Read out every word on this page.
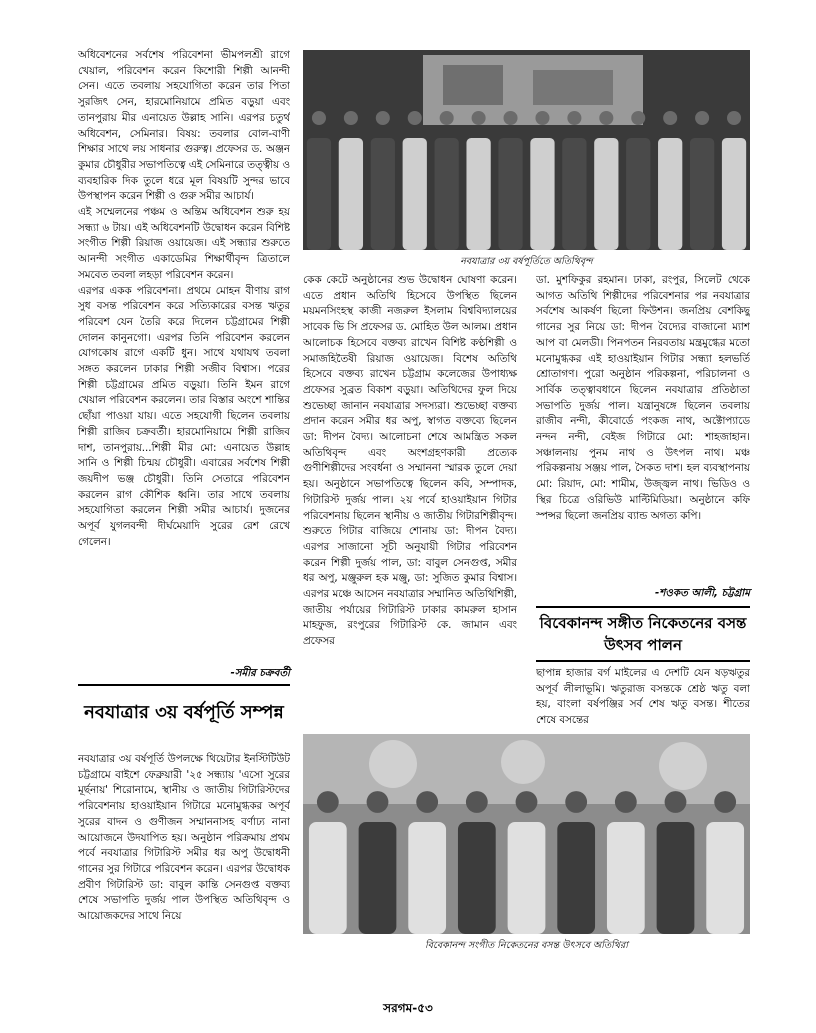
অধিবেশনের সর্বশেষ পরিবেশনা ভীমপলশ্রী রাগে খেয়াল, পরিবেশন করেন কিশোরী শিল্পী আনন্দী সেন। এতে তবলায় সহযোগিতা করেন তার পিতা সুরজিৎ সেন, হারমোনিয়ামে প্রমিত বড়ুয়া এবং তানপুরায় মীর এনায়েত উল্লাহ সানি। এরপর চতুর্থ অধিবেশন, সেমিনার। বিষয়: তবলার বোল-বাণী শিক্ষার সাথে লয় সাধনার গুরুত্ব। প্রফেসর ড. অঞ্জন কুমার চৌধুরীর সভাপতিত্বে এই সেমিনারে তত্ত্বীয় ও ব্যবহারিক দিক তুলে ধরে মূল বিষয়টি সুন্দর ভাবে উপস্থাপন করেন শিল্পী ও গুরু সমীর আচার্য।

এই সম্মেলনের পঞ্চম ও অন্তিম অধিবেশন শুরু হয় সন্ধ্যা ৬ টায়। এই অধিবেশনটি উদ্বোধন করেন বিশিষ্ট সংগীত শিল্পী রিয়াজ ওয়ায়েজ। এই সন্ধ্যার শুরুতে আনন্দী সংগীত একাডেমির শিক্ষার্থীবৃন্দ ত্রিতালে সমবেত তবলা লহড়া পরিবেশন করেন।

এরপর একক পরিবেশনা। প্রথমে মোহন বীণায় রাগ সুধ বসন্ত পরিবেশন করে সত্যিকারের বসন্ত ঋতুর পরিবেশ যেন তৈরি করে দিলেন চট্টগ্রামের শিল্পী দোলন কানুনগো। এরপর তিনি পরিবেশন করলেন যোগকোষ রাগে একটি ধুন। সাথে যথাযথ তবলা সঙ্গত করলেন ঢাকার শিল্পী সজীব বিশ্বাস। পরের শিল্পী চট্টগ্রামের প্রমিত বড়ুয়া। তিনি ইমন রাগে খেয়াল পরিবেশন করলেন। তার বিস্তার অংশে শান্তির ছোঁয়া পাওয়া যায়। এতে সহযোগী ছিলেন তবলায় শিল্পী রাজিব চক্রবর্তী। হারমোনিয়ামে শিল্পী রাজিব দাশ, তানপুরায়...শিল্পী মীর মো: এনায়েত উল্লাহ সানি ও শিল্পী চিন্ময় চৌধুরী। এবারের সর্বশেষ শিল্পী জয়দীপ ভঞ্জ চৌধুরী। তিনি সেতারে পরিবেশন করলেন রাগ কৌশিক ধ্বনি। তার সাথে তবলায় সহযোগিতা করলেন শিল্পী সমীর আচার্য। দুজনের অপূর্ব যুগলবন্দী দীর্ঘমেয়াদি সুরের রেশ রেখে গেলেন।

-সমীর চক্রবর্তী
নবযাত্রার ৩য় বর্ষপূর্তি সম্পন্ন
নবযাত্রার ৩য় বর্ষপূর্তি উপলক্ষে থিয়েটার ইনস্টিটিউট চট্টগ্রামে বাইশে ফেব্রুয়ারী '২৫ সন্ধ্যায় 'এসো সুরের মূর্ছনায়' শিরোনামে, স্থানীয় ও জাতীয় গিটারিস্টদের পরিবেশনায় হাওয়াইয়ান গিটারে মনোমুগ্ধকর অপূর্ব সুরের বাদন ও গুণীজন সম্মাননাসহ বর্ণাঢ্য নানা আয়োজনে উদযাপিত হয়। অনুষ্ঠান পরিক্রমায় প্রথম পর্বে নবযাত্রার গিটারিস্ট সমীর ধর অপু উদ্বোধনী গানের সুর গিটারে পরিবেশন করেন। এরপর উদ্বোধক প্রবীণ গিটারিস্ট ডা: বাবুল কান্তি সেনগুপ্ত বক্তব্য শেষে সভাপতি দুর্জয় পাল উপস্থিত অতিথিবৃন্দ ও আয়োজকদের সাথে নিয়ে
নবযাত্রার ৩য় বর্ষপূর্তিতে অতিথিবৃন্দ
কেক কেটে অনুষ্ঠানের শুভ উদ্বোধন ঘোষণা করেন। এতে প্রধান অতিথি হিসেবে উপস্থিত ছিলেন ময়মনসিংহস্থ কাজী নজরুল ইসলাম বিশ্ববিদ্যালয়ের সাবেক ভি সি প্রফেসর ড. মোহিত উল আলম। প্রধান আলোচক হিসেবে বক্তব্য রাখেন বিশিষ্ট কণ্ঠশিল্পী ও সমাজহিতৈষী রিয়াজ ওয়ায়েজ। বিশেষ অতিথি হিসেবে বক্তব্য রাখেন চট্টগ্রাম কলেজের উপাধ্যক্ষ প্রফেসর সুব্রত বিকাশ বড়ুয়া। অতিথিদের ফুল দিয়ে শুভেচ্ছা জানান নবযাত্রার সদস্যরা। শুভেচ্ছা বক্তব্য প্রদান করেন সমীর ধর অপু, স্বাগত বক্তব্যে ছিলেন ডা: দীপন বৈদ্য। আলোচনা শেষে আমন্ত্রিত সকল অতিথিবৃন্দ এবং অংশগ্রহণকারী প্রত্যেক গুণীশিল্পীদের সংবর্ধনা ও সম্মাননা স্মারক তুলে দেয়া হয়। অনুষ্ঠানে সভাপতিত্বে ছিলেন কবি, সম্পাদক, গিটারিস্ট দুর্জয় পাল। ২য় পর্বে হাওয়াইয়ান গিটার পরিবেশনায় ছিলেন স্থানীয় ও জাতীয় গিটারশিল্পীবৃন্দ। শুরুতে গিটার বাজিয়ে শোনায় ডা: দীপন বৈদ্য। এরপর সাজানো সূচী অনুযায়ী গিটার পরিবেশন করেন শিল্পী দুর্জয় পাল, ডা: বাবুল সেনগুপ্ত, সমীর ধর অপু, মঞ্জুরুল হক মঞ্জু, ডা: সুজিত কুমার বিশ্বাস। এরপর মঞ্চে আসেন নবযাত্রার সম্মানিত অতিথিশিল্পী, জাতীয় পর্যায়ের গিটারিস্ট ঢাকার কামরুল হাসান মাহফুজ, রংপুরের গিটারিস্ট কে. জামান এবং প্রফেসর
ডা. মুশফিকুর রহমান। ঢাকা, রংপুর, সিলেট থেকে আগত অতিথি শিল্পীদের পরিবেশনার পর নবযাত্রার সর্বশেষ আকর্ষণ ছিলো ফিউশন। জনপ্রিয় বেশকিছু গানের সুর নিয়ে ডা: দীপন বৈদ্যের বাজানো ম্যাশ আপ বা মেলডী। পিনপতন নিরবতায় মন্ত্রমুগ্ধের মতো মনোমুগ্ধকর এই হাওয়াইয়ান গিটার সন্ধ্যা হলভর্তি শ্রোতাগণ। পুরো অনুষ্ঠান পরিকল্পনা, পরিচালনা ও সার্বিক তত্ত্বাবধানে ছিলেন নবযাত্রার প্রতিষ্ঠাতা সভাপতি দুর্জয় পাল। যন্ত্রানুষঙ্গে ছিলেন তবলায় রাজীব নন্দী, কীবোর্ডে পংকজ নাথ, অক্টোপ্যাডে নন্দন নন্দী, বেইজ গিটারে মো: শাহজাহান। সঞ্চালনায় পুনম নাথ ও উৎপল নাথ। মঞ্চ পরিকল্পনায় সঞ্জয় পাল, সৈকত দাশ। হল ব্যবস্থাপনায় মো: রিয়াদ, মো: শামীম, উজ্জ্বল নাথ। ভিডিও ও স্থির চিত্রে ওরিভিউ মাল্টিমিডিয়া। অনুষ্ঠানে কফি স্পন্সর ছিলো জনপ্রিয় ব্যান্ড অগত্য কপি।
-শওকত আলী, চট্টগ্রাম
বিবেকানন্দ সঙ্গীত নিকেতনের বসন্ত উৎসব পালন
ছাপান্ন হাজার বর্গ মাইলের এ দেশটি যেন ষড়ঋতুর অপূর্ব লীলাভূমি। ঋতুরাজ বসন্তকে শ্রেষ্ঠ ঋতু বলা হয়, বাংলা বর্ষপঞ্জির সর্ব শেষ ঋতু বসন্ত। শীতের শেষে বসন্তের
বিবেকানন্দ সংগীত নিকেতনের বসন্ত উৎসবে অতিথিরা
সরগম-৫৩
